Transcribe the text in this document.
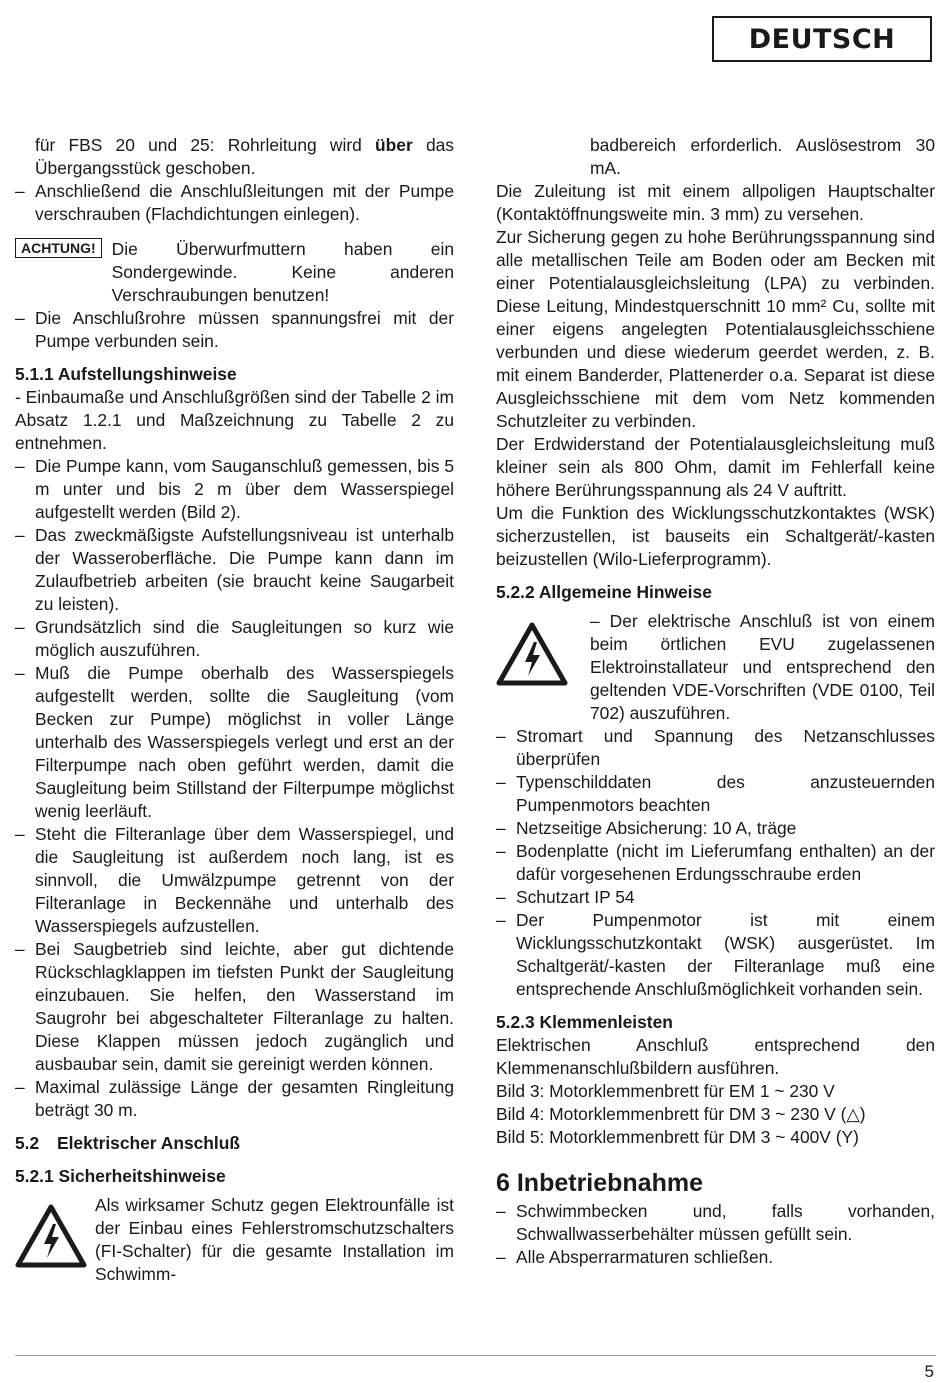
DEUTSCH

für FBS 20 und 25: Rohrleitung wird über das Übergangsstück geschoben.

– Anschließend die Anschlußleitungen mit der Pumpe verschrauben (Flachdichtungen einlegen).

ACHTUNG! Die Überwurfmuttern haben ein Sondergewinde. Keine anderen Verschraubungen benutzen!

– Die Anschlußrohre müssen spannungsfrei mit der Pumpe verbunden sein.

5.1.1 Aufstellungshinweise

- Einbaumaße und Anschlußgrößen sind der Tabelle 2 im Absatz 1.2.1 und Maßzeichnung zu Tabelle 2 zu entnehmen.

– Die Pumpe kann, vom Sauganschluß gemessen, bis 5 m unter und bis 2 m über dem Wasserspiegel aufgestellt werden (Bild 2).

– Das zweckmäßigste Aufstellungsniveau ist unterhalb der Wasseroberfläche. Die Pumpe kann dann im Zulaufbetrieb arbeiten (sie braucht keine Saugarbeit zu leisten).

– Grundsätzlich sind die Saugleitungen so kurz wie möglich auszuführen.

– Muß die Pumpe oberhalb des Wasserspiegels aufgestellt werden, sollte die Saugleitung (vom Becken zur Pumpe) möglichst in voller Länge unterhalb des Wasserspiegels verlegt und erst an der Filterpumpe nach oben geführt werden, damit die Saugleitung beim Stillstand der Filterpumpe möglichst wenig leerläuft.

– Steht die Filteranlage über dem Wasserspiegel, und die Saugleitung ist außerdem noch lang, ist es sinnvoll, die Umwälzpumpe getrennt von der Filteranlage in Beckennähe und unterhalb des Wasserspiegels aufzustellen.

– Bei Saugbetrieb sind leichte, aber gut dichtende Rückschlagklappen im tiefsten Punkt der Saugleitung einzubauen. Sie helfen, den Wasserstand im Saugrohr bei abgeschalteter Filteranlage zu halten. Diese Klappen müssen jedoch zugänglich und ausbaubar sein, damit sie gereinigt werden können.

– Maximal zulässige Länge der gesamten Ringleitung beträgt 30 m.

5.2 Elektrischer Anschluß

5.2.1 Sicherheitshinweise

Als wirksamer Schutz gegen Elektrounfälle ist der Einbau eines Fehlerstromschutzschalters (FI-Schalter) für die gesamte Installation im Schwimm-

badbereich erforderlich. Auslösestrom 30 mA.

Die Zuleitung ist mit einem allpoligen Hauptschalter (Kontaktöffnungsweite min. 3 mm) zu versehen.

Zur Sicherung gegen zu hohe Berührungsspannung sind alle metallischen Teile am Boden oder am Becken mit einer Potentialausgleichsleitung (LPA) zu verbinden. Diese Leitung, Mindestquerschnitt 10 mm² Cu, sollte mit einer eigens angelegten Potentialausgleichsschiene verbunden und diese wiederum geerdet werden, z. B. mit einem Banderder, Plattenerder o.a. Separat ist diese Ausgleichsschiene mit dem vom Netz kommenden Schutzleiter zu verbinden.

Der Erdwiderstand der Potentialausgleichsleitung muß kleiner sein als 800 Ohm, damit im Fehlerfall keine höhere Berührungsspannung als 24 V auftritt.

Um die Funktion des Wicklungsschutzkontaktes (WSK) sicherzustellen, ist bauseits ein Schaltgerät/-kasten beizustellen (Wilo-Lieferprogramm).

5.2.2 Allgemeine Hinweise

– Der elektrische Anschluß ist von einem beim örtlichen EVU zugelassenen Elektroinstallateur und entsprechend den geltenden VDE-Vorschriften (VDE 0100, Teil 702) auszuführen.

– Stromart und Spannung des Netzanschlusses überprüfen

– Typenschilddaten des anzusteuernden Pumpenmotors beachten

– Netzseitige Absicherung: 10 A, träge

– Bodenplatte (nicht im Lieferumfang enthalten) an der dafür vorgesehenen Erdungsschraube erden

– Schutzart IP 54

– Der Pumpenmotor ist mit einem Wicklungsschutzkontakt (WSK) ausgerüstet. Im Schaltgerät/-kasten der Filteranlage muß eine entsprechende Anschlußmöglichkeit vorhanden sein.

5.2.3 Klemmenleisten

Elektrischen Anschluß entsprechend den Klemmenanschlußbildern ausführen.

Bild 3: Motorklemmenbrett für EM 1 ~ 230 V

Bild 4: Motorklemmenbrett für DM 3 ~ 230 V (△)

Bild 5: Motorklemmenbrett für DM 3 ~ 400V (Y)

6 Inbetriebnahme

– Schwimmbecken und, falls vorhanden, Schwallwasserbehälter müssen gefüllt sein.

– Alle Absperrarmaturen schließen.

5
